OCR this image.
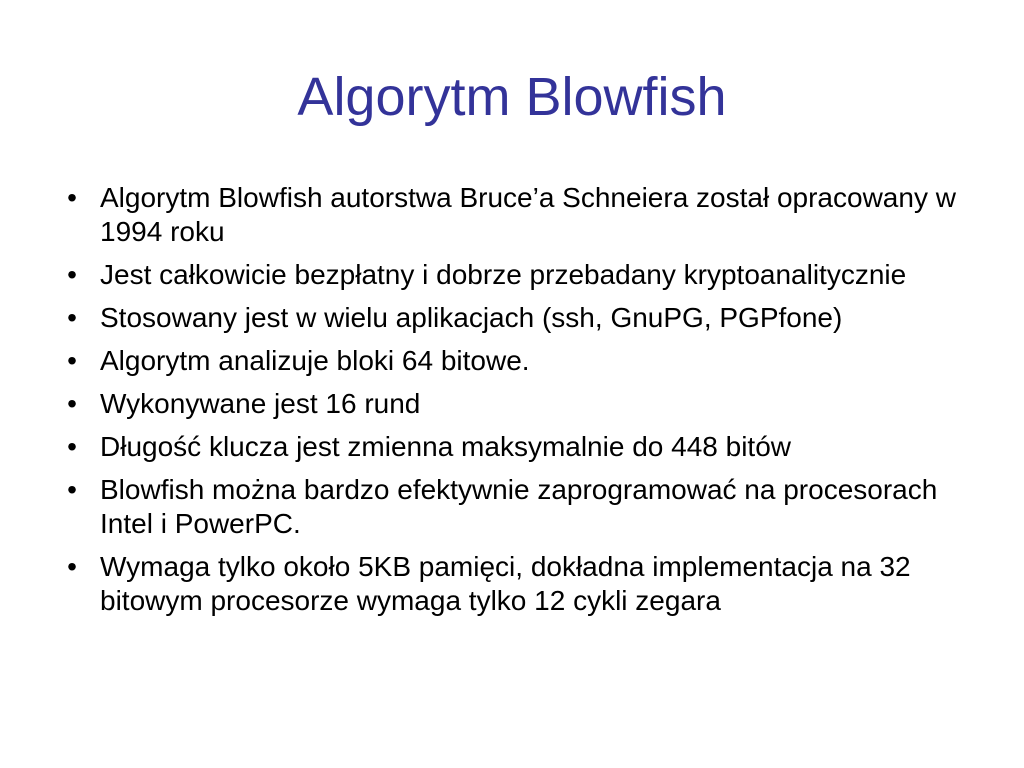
Algorytm Blowfish
• Algorytm Blowfish autorstwa Bruce’a Schneiera został opracowany w 1994 roku
• Jest całkowicie bezpłatny i dobrze przebadany kryptoanalitycznie
• Stosowany jest w wielu aplikacjach (ssh, GnuPG, PGPfone)
• Algorytm analizuje bloki 64 bitowe.
• Wykonywane jest 16 rund
• Długość klucza jest zmienna maksymalnie do 448 bitów
• Blowfish można bardzo efektywnie zaprogramować na procesorach Intel i PowerPC.
• Wymaga tylko około 5KB pamięci, dokładna implementacja na 32 bitowym procesorze wymaga tylko 12 cykli zegara
